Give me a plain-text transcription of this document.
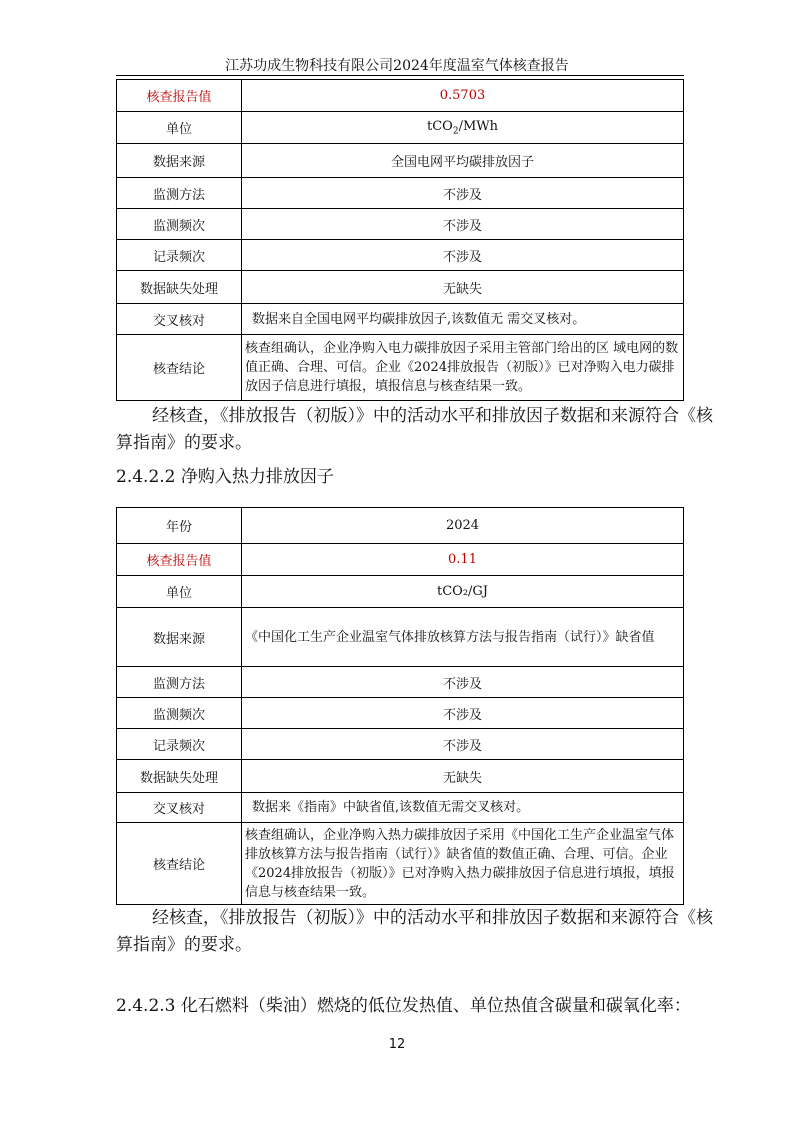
江苏功成生物科技有限公司2024年度温室气体核查报告
核查报告值	0.5703
单位	tCO$_2$/MWh
数据来源	全国电网平均碳排放因子
监测方法	不涉及
监测频次	不涉及
记录频次	不涉及
数据缺失处理	无缺失
交叉核对	数据来自全国电网平均碳排放因子,该数值无 需交叉核对。
核查结论	核查组确认，企业净购入电力碳排放因子采用主管部门给出的区 域电网的数值正确、合理、可信。企业《2024排放报告（初版）》已对净购入电力碳排放因子信息进行填报，填报信息与核查结果一致。
经核查，《排放报告（初版）》中的活动水平和排放因子数据和来源符合《核算指南》的要求。
2.4.2.2 净购入热力排放因子
年份	2024
核查报告值	0.11
单位	tCO₂/GJ
数据来源	《中国化工生产企业温室气体排放核算方法与报告指南（试行）》缺省值
监测方法	不涉及
监测频次	不涉及
记录频次	不涉及
数据缺失处理	无缺失
交叉核对	数据来《指南》中缺省值,该数值无需交叉核对。
核查结论	核查组确认，企业净购入热力碳排放因子采用《中国化工生产企业温室气体排放核算方法与报告指南（试行）》缺省值的数值正确、合理、可信。企业《2024排放报告（初版）》已对净购入热力碳排放因子信息进行填报，填报信息与核查结果一致。
经核查，《排放报告（初版）》中的活动水平和排放因子数据和来源符合《核算指南》的要求。
2.4.2.3 化石燃料（柴油）燃烧的低位发热值、单位热值含碳量和碳氧化率：
12
